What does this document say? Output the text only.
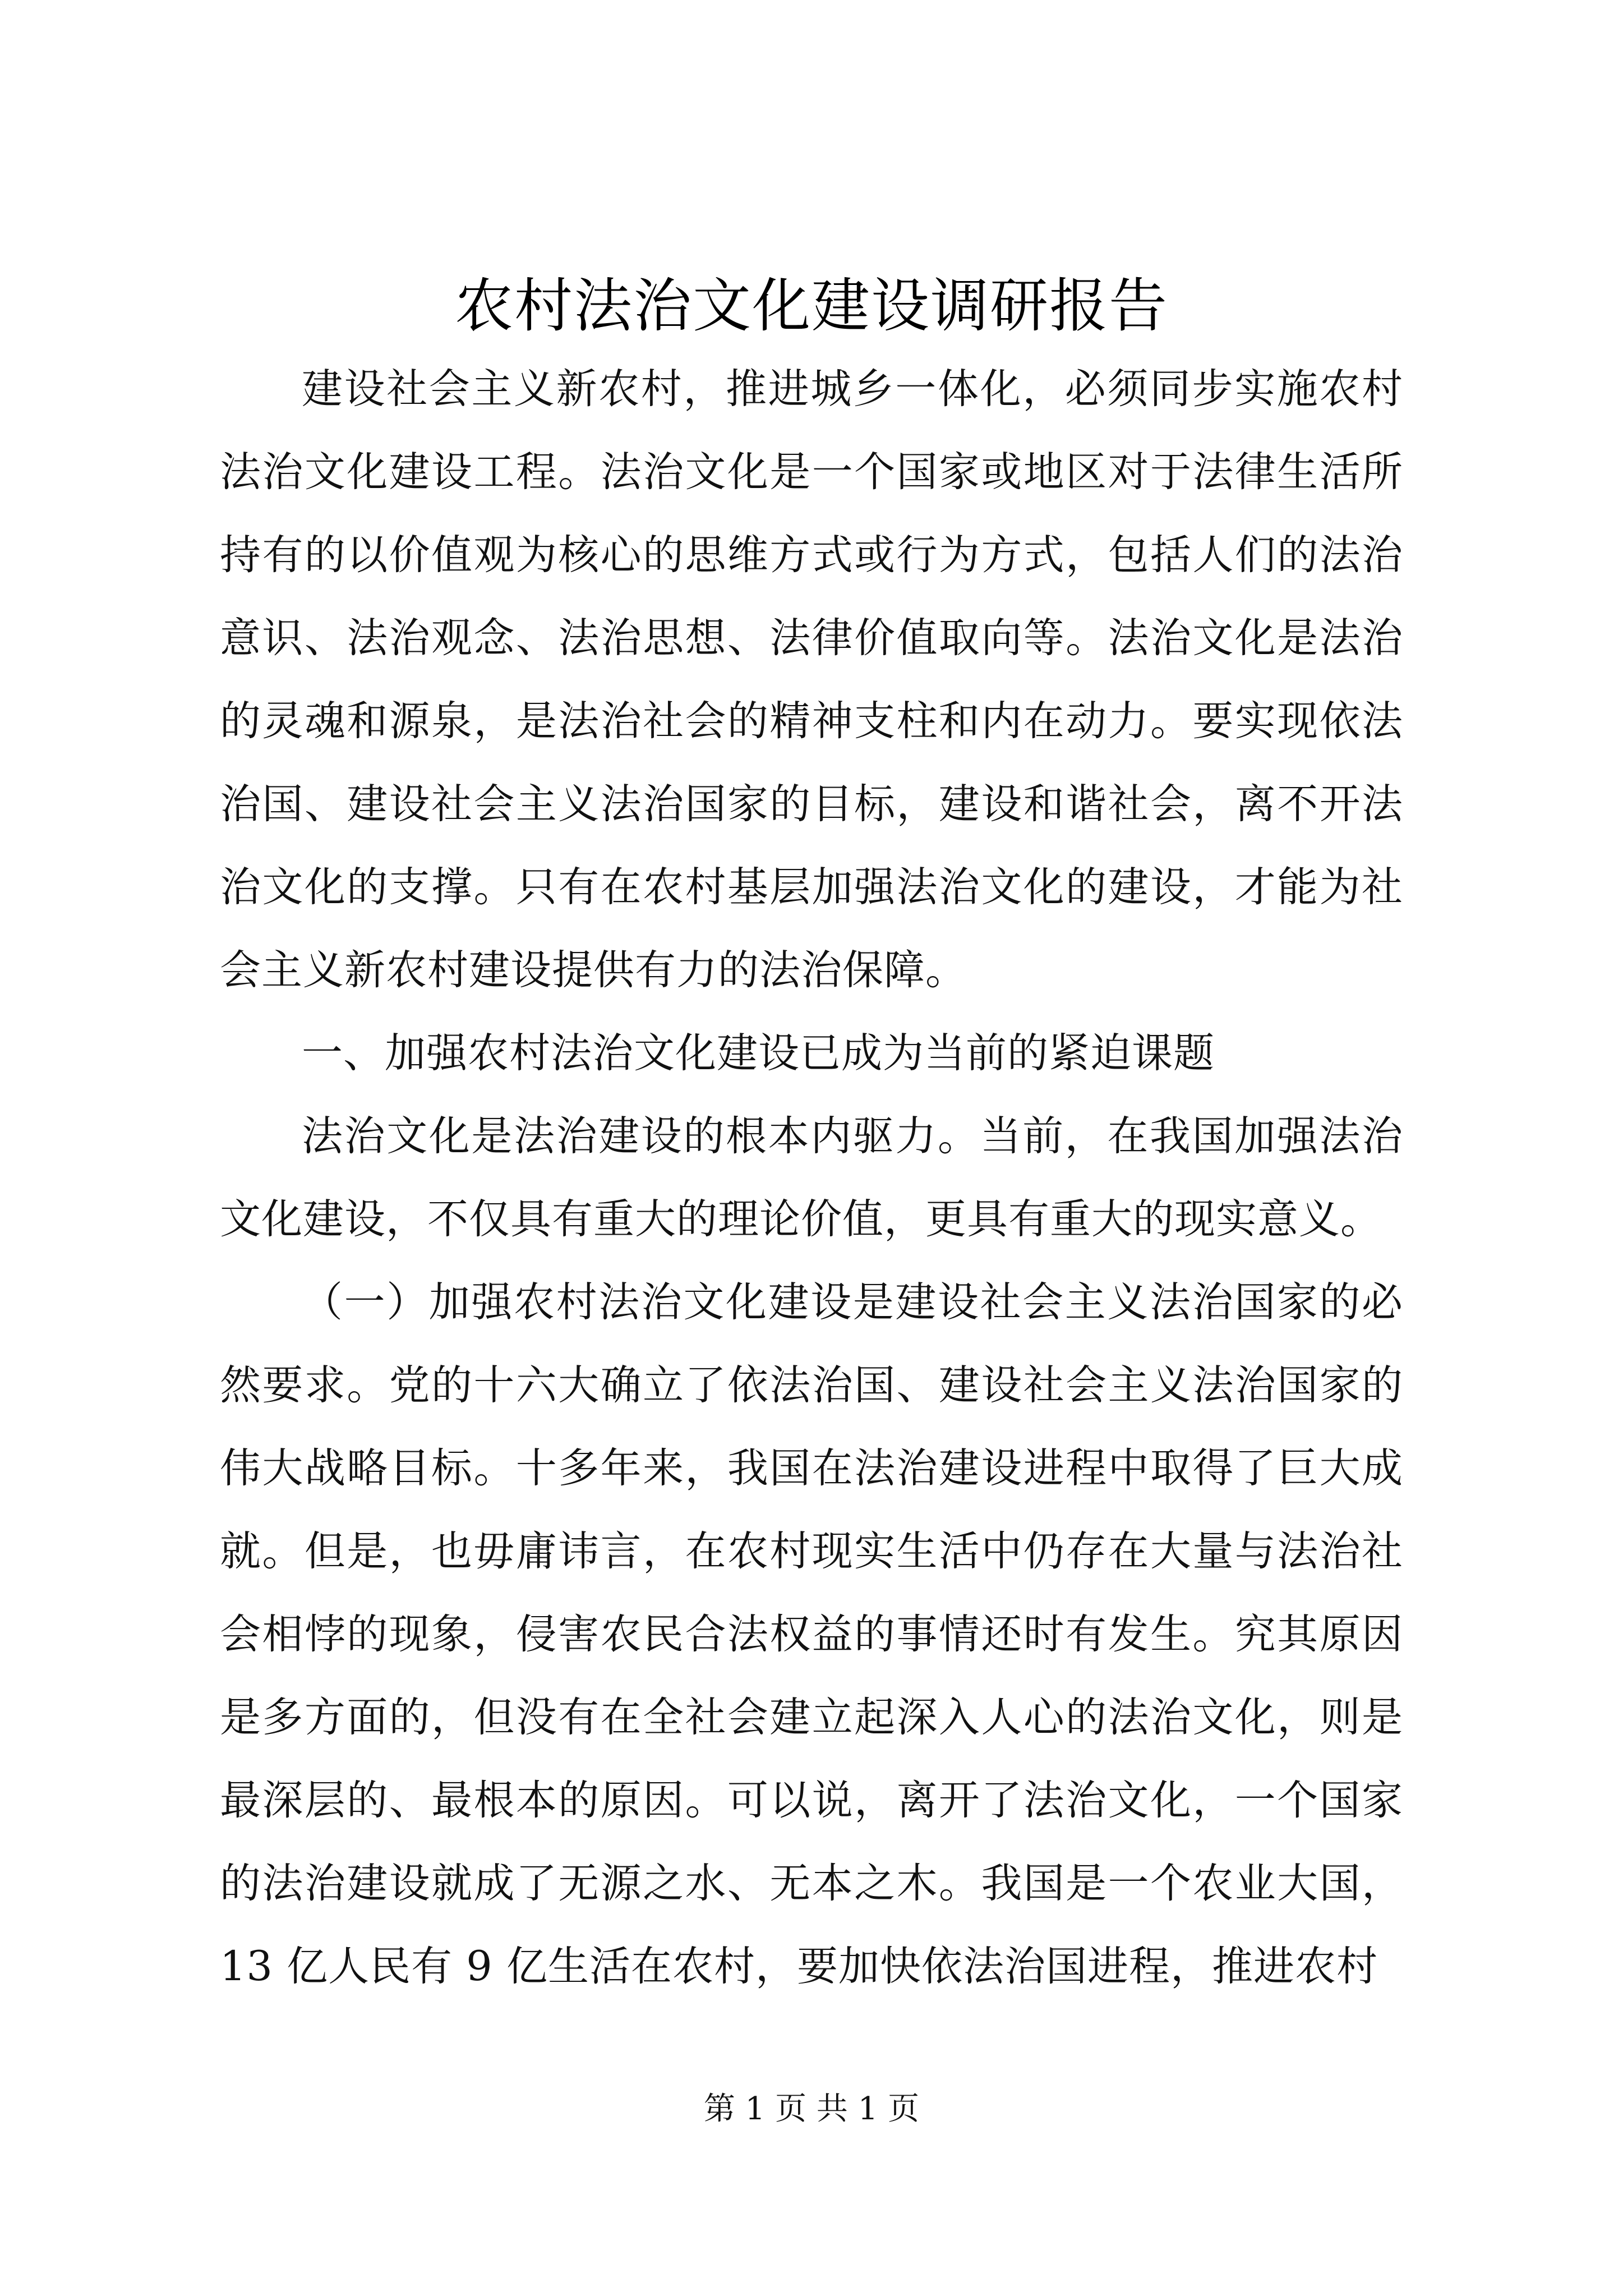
农村法治文化建设调研报告

建设社会主义新农村，推进城乡一体化，必须同步实施农村法治文化建设工程。法治文化是一个国家或地区对于法律生活所持有的以价值观为核心的思维方式或行为方式，包括人们的法治意识、法治观念、法治思想、法律价值取向等。法治文化是法治的灵魂和源泉，是法治社会的精神支柱和内在动力。要实现依法治国、建设社会主义法治国家的目标，建设和谐社会，离不开法治文化的支撑。只有在农村基层加强法治文化的建设，才能为社会主义新农村建设提供有力的法治保障。

一、加强农村法治文化建设已成为当前的紧迫课题

法治文化是法治建设的根本内驱力。当前，在我国加强法治文化建设，不仅具有重大的理论价值，更具有重大的现实意义。

（一）加强农村法治文化建设是建设社会主义法治国家的必然要求。党的十六大确立了依法治国、建设社会主义法治国家的伟大战略目标。十多年来，我国在法治建设进程中取得了巨大成就。但是，也毋庸讳言，在农村现实生活中仍存在大量与法治社会相悖的现象，侵害农民合法权益的事情还时有发生。究其原因是多方面的，但没有在全社会建立起深入人心的法治文化，则是最深层的、最根本的原因。可以说，离开了法治文化，一个国家的法治建设就成了无源之水、无本之木。我国是一个农业大国，13 亿人民有 9 亿生活在农村，要加快依法治国进程，推进农村

第 1 页 共 1 页
